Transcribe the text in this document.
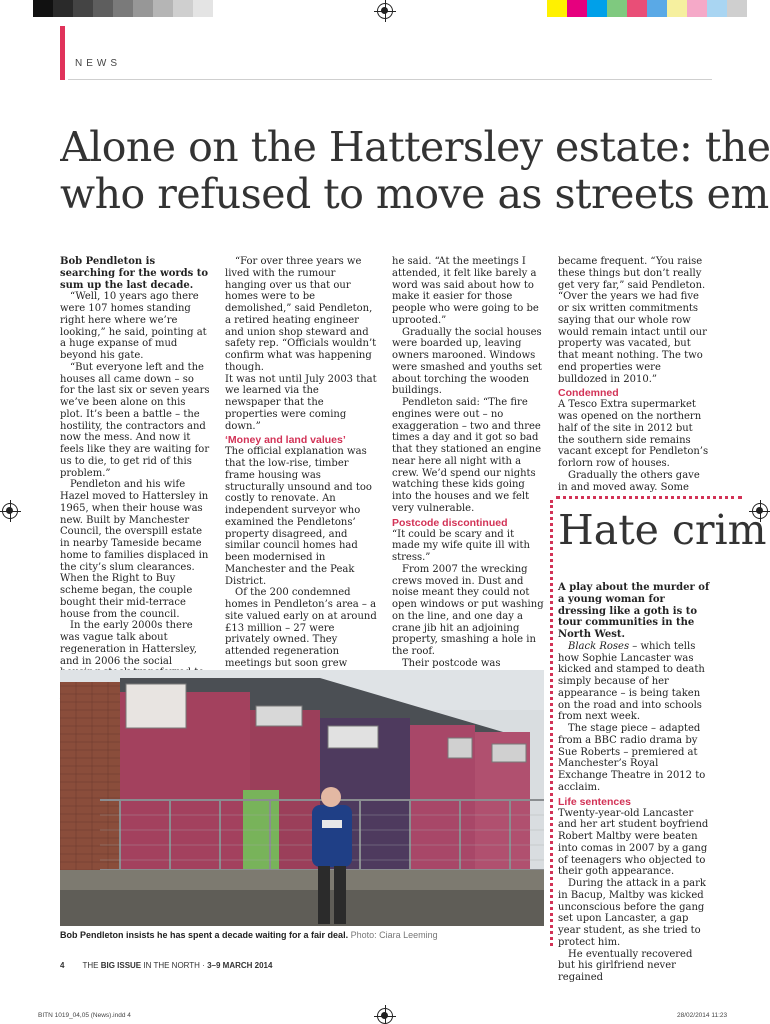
NEWS
Alone on the Hattersley estate: the
who refused to move as streets em

Bob Pendleton is searching for the words to sum up the last decade.

“Well, 10 years ago there were 107 homes standing right here where we’re looking,” he said, pointing at a huge expanse of mud beyond his gate.

“But everyone left and the houses all came down – so for the last six or seven years we’ve been alone on this plot. It’s been a battle – the hostility, the contractors and now the mess. And now it feels like they are waiting for us to die, to get rid of this problem.”

Pendleton and his wife Hazel moved to Hattersley in 1965, when their house was new. Built by Manchester Council, the overspill estate in nearby Tameside became home to families displaced in the city’s slum clearances. When the Right to Buy scheme began, the couple bought their mid-terrace house from the council.

In the early 2000s there was vague talk about regeneration in Hattersley, and in 2006 the social

“For over three years we lived with the rumour hanging over us that our homes were to be demolished,” said Pendleton, a retired heating engineer and union shop steward and safety rep. “Officials wouldn’t confirm what was happening though.

It was not until July 2003 that we learned via the newspaper that the properties were coming down.”

‘Money and land values’

The official explanation was that the low-rise, timber frame housing was structurally unsound and too costly to renovate. An independent surveyor who examined the Pendletons’ property disagreed, and similar council homes had been modernised in Manchester and the Peak District.

Of the 200 condemned homes in Pendleton’s area – a site valued early on at around £13 million – 27 were privately owned. They attended regeneration meetings but soon grew

he said. “At the meetings I attended, it felt like barely a word was said about how to make it easier for those people who were going to be uprooted.”

Gradually the social houses were boarded up, leaving owners marooned. Windows were smashed and youths set about torching the wooden buildings.

Pendleton said: “The fire engines were out – no exaggeration – two and three times a day and it got so bad that they stationed an engine near here all night with a crew. We’d spend our nights watching these kids going into the houses and we felt very vulnerable.

Postcode discontinued

“It could be scary and it made my wife quite ill with stress.”

From 2007 the wrecking crews moved in. Dust and noise meant they could not open windows or put washing on the line, and one day a crane jib hit an adjoining property, smashing a hole in the roof.

Their postcode was

became frequent. “You raise these things but don’t really get very far,” said Pendleton. “Over the years we had five or six written commitments saying that our whole row would remain intact until our property was vacated, but that meant nothing. The two end properties were bulldozed in 2010.”

Condemned

A Tesco Extra supermarket was opened on the northern half of the site in 2012 but the southern side remains vacant except for Pendleton’s forlorn row of houses.

Gradually the others gave in and moved away. Some

Hate crim

A play about the murder of a young woman for dressing like a goth is to tour communities in the North West.

Black Roses – which tells how Sophie Lancaster was kicked and stamped to death simply because of her appearance – is being taken on the road and into schools from next week.

The stage piece – adapted from a BBC radio drama by Sue Roberts – premiered at Manchester’s Royal Exchange Theatre in 2012 to acclaim.

Life sentences

Twenty-year-old Lancaster and her art student boyfriend Robert Maltby were beaten into comas in 2007 by a gang of teenagers who objected to their goth appearance.

During the attack in a park in Bacup, Maltby was kicked unconscious before the gang set upon Lancaster, a gap year student, as she tried to protect him.

He eventually recovered but his girlfriend never regained

Bob Pendleton insists he has spent a decade waiting for a fair deal. Photo: Ciara Leeming
4 THE BIG ISSUE IN THE NORTH · 3–9 MARCH 2014
BITN 1019_04,05 (News).indd 4	28/02/2014 11:23
